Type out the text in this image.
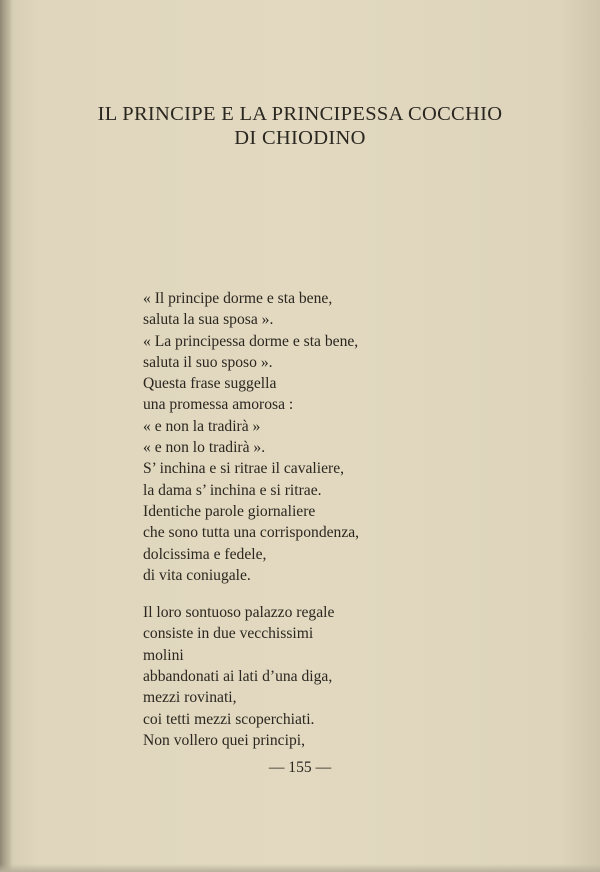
IL PRINCIPE E LA PRINCIPESSA COCCHIO
DI CHIODINO
« Il principe dorme e sta bene,
saluta la sua sposa ».
« La principessa dorme e sta bene,
saluta il suo sposo ».
Questa frase suggella
una promessa amorosa :
« e non la tradirà »
« e non lo tradirà ».
S’ inchina e si ritrae il cavaliere,
la dama s’ inchina e si ritrae.
Identiche parole giornaliere
che sono tutta una corrispondenza,
dolcissima e fedele,
di vita coniugale.
Il loro sontuoso palazzo regale
consiste in due vecchissimi
molini
abbandonati ai lati d’una diga,
mezzi rovinati,
coi tetti mezzi scoperchiati.
Non vollero quei principi,
— 155 —
